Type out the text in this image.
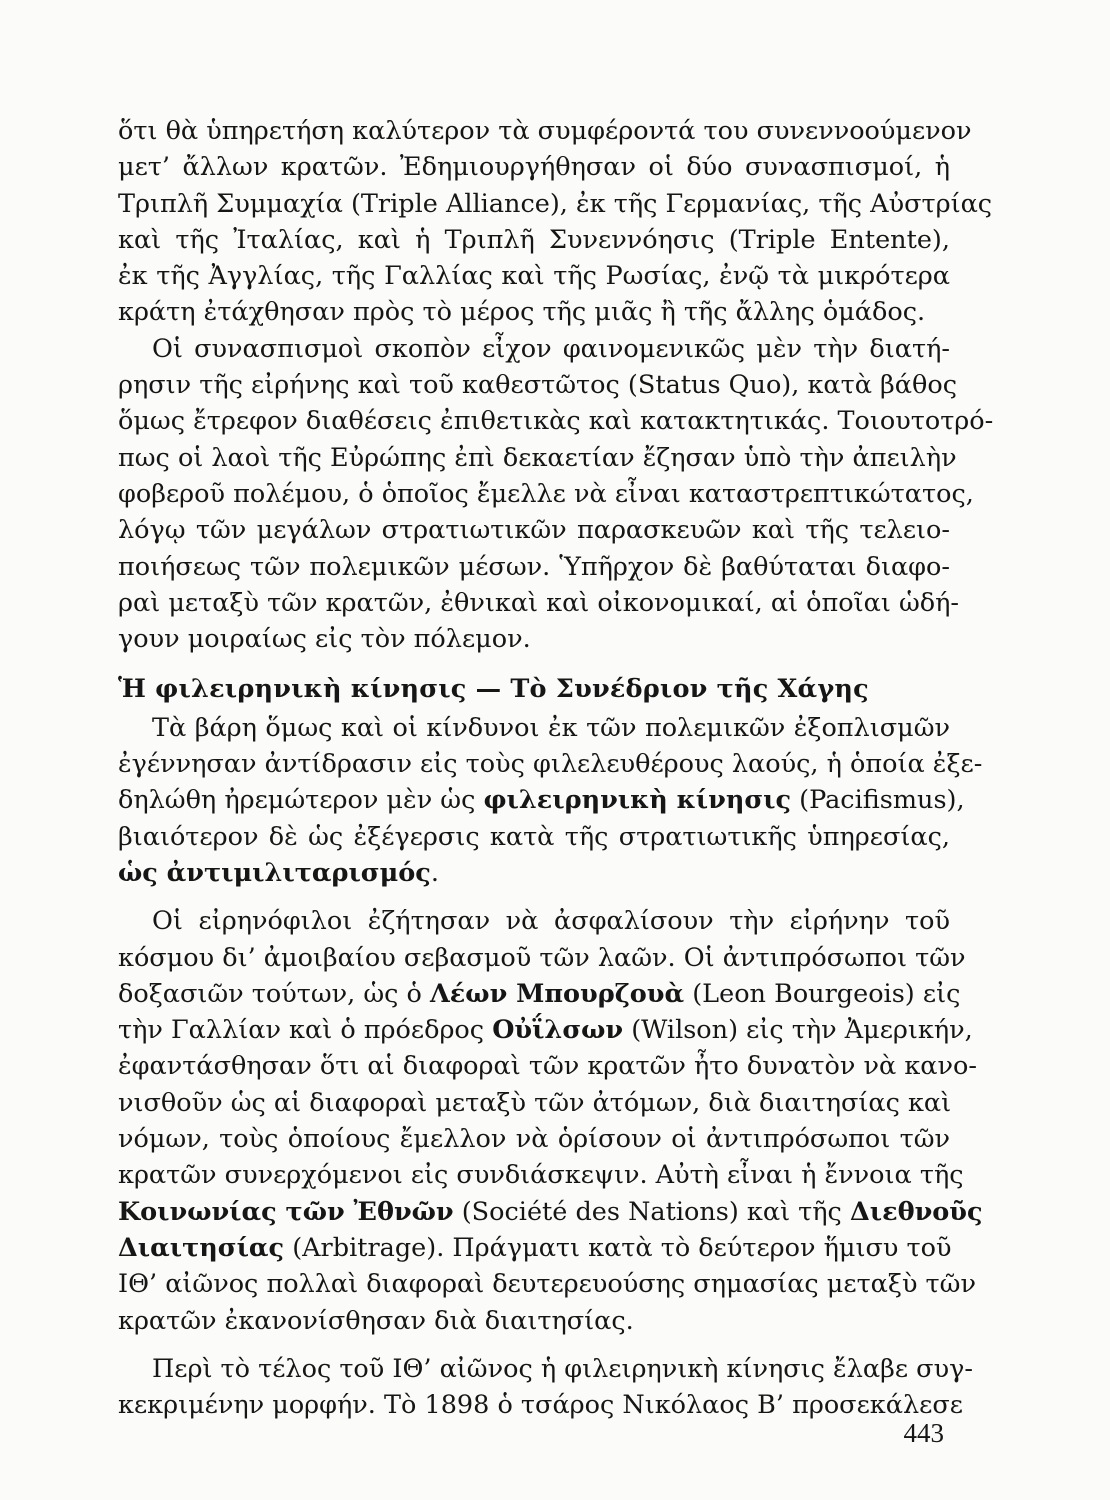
ὅτι θὰ ὑπηρετήση καλύτερον τὰ συμφέροντά του συνεννοούμενον
μετ’ ἄλλων κρατῶν. Ἐδημιουργήθησαν οἱ δύο συνασπισμοί, ἡ
Τριπλῆ Συμμαχία (Triple Alliance), ἐκ τῆς Γερμανίας, τῆς Αὐστρίας
καὶ τῆς Ἰταλίας, καὶ ἡ Τριπλῆ Συνεννόησις (Triple Entente),
ἐκ τῆς Ἀγγλίας, τῆς Γαλλίας καὶ τῆς Ρωσίας, ἐνῷ τὰ μικρότερα
κράτη ἐτάχθησαν πρὸς τὸ μέρος τῆς μιᾶς ἢ τῆς ἄλλης ὁμάδος.
Οἱ συνασπισμοὶ σκοπὸν εἶχον φαινομενικῶς μὲν τὴν διατή-
ρησιν τῆς εἰρήνης καὶ τοῦ καθεστῶτος (Status Quo), κατὰ βάθος
ὅμως ἔτρεφον διαθέσεις ἐπιθετικὰς καὶ κατακτητικάς. Τοιουτοτρό-
πως οἱ λαοὶ τῆς Εὐρώπης ἐπὶ δεκαετίαν ἔζησαν ὑπὸ τὴν ἀπειλὴν
φοβεροῦ πολέμου, ὁ ὁποῖος ἔμελλε νὰ εἶναι καταστρεπτικώτατος,
λόγῳ τῶν μεγάλων στρατιωτικῶν παρασκευῶν καὶ τῆς τελειο-
ποιήσεως τῶν πολεμικῶν μέσων. Ὑπῆρχον δὲ βαθύταται διαφο-
ραὶ μεταξὺ τῶν κρατῶν, ἐθνικαὶ καὶ οἰκονομικαί, αἱ ὁποῖαι ὡδή-
γουν μοιραίως εἰς τὸν πόλεμον.
Ἡ φιλειρηνικὴ κίνησις — Τὸ Συνέδριον τῆς Χάγης
Τὰ βάρη ὅμως καὶ οἱ κίνδυνοι ἐκ τῶν πολεμικῶν ἐξοπλισμῶν
ἐγέννησαν ἀντίδρασιν εἰς τοὺς φιλελευθέρους λαούς, ἡ ὁποία ἐξε-
δηλώθη ἠρεμώτερον μὲν ὡς φιλειρηνικὴ κίνησις (Pacifismus),
βιαιότερον δὲ ὡς ἐξέγερσις κατὰ τῆς στρατιωτικῆς ὑπηρεσίας,
ὡς ἀντιμιλιταρισμός.
Οἱ εἰρηνόφιλοι ἐζήτησαν νὰ ἀσφαλίσουν τὴν εἰρήνην τοῦ
κόσμου δι’ ἀμοιβαίου σεβασμοῦ τῶν λαῶν. Οἱ ἀντιπρόσωποι τῶν
δοξασιῶν τούτων, ὡς ὁ Λέων Μπουρζουὰ (Leon Bourgeois) εἰς
τὴν Γαλλίαν καὶ ὁ πρόεδρος Οὐΐλσων (Wilson) εἰς τὴν Ἀμερικήν,
ἐφαντάσθησαν ὅτι αἱ διαφοραὶ τῶν κρατῶν ἦτο δυνατὸν νὰ κανο-
νισθοῦν ὡς αἱ διαφοραὶ μεταξὺ τῶν ἀτόμων, διὰ διαιτησίας καὶ
νόμων, τοὺς ὁποίους ἔμελλον νὰ ὁρίσουν οἱ ἀντιπρόσωποι τῶν
κρατῶν συνερχόμενοι εἰς συνδιάσκεψιν. Αὐτὴ εἶναι ἡ ἔννοια τῆς
Κοινωνίας τῶν Ἐθνῶν (Société des Nations) καὶ τῆς Διεθνοῦς
Διαιτησίας (Arbitrage). Πράγματι κατὰ τὸ δεύτερον ἥμισυ τοῦ
ΙΘ’ αἰῶνος πολλαὶ διαφοραὶ δευτερευούσης σημασίας μεταξὺ τῶν
κρατῶν ἐκανονίσθησαν διὰ διαιτησίας.
Περὶ τὸ τέλος τοῦ ΙΘ’ αἰῶνος ἡ φιλειρηνικὴ κίνησις ἔλαβε συγ-
κεκριμένην μορφήν. Τὸ 1898 ὁ τσάρος Νικόλαος Β’ προσεκάλεσε
443
